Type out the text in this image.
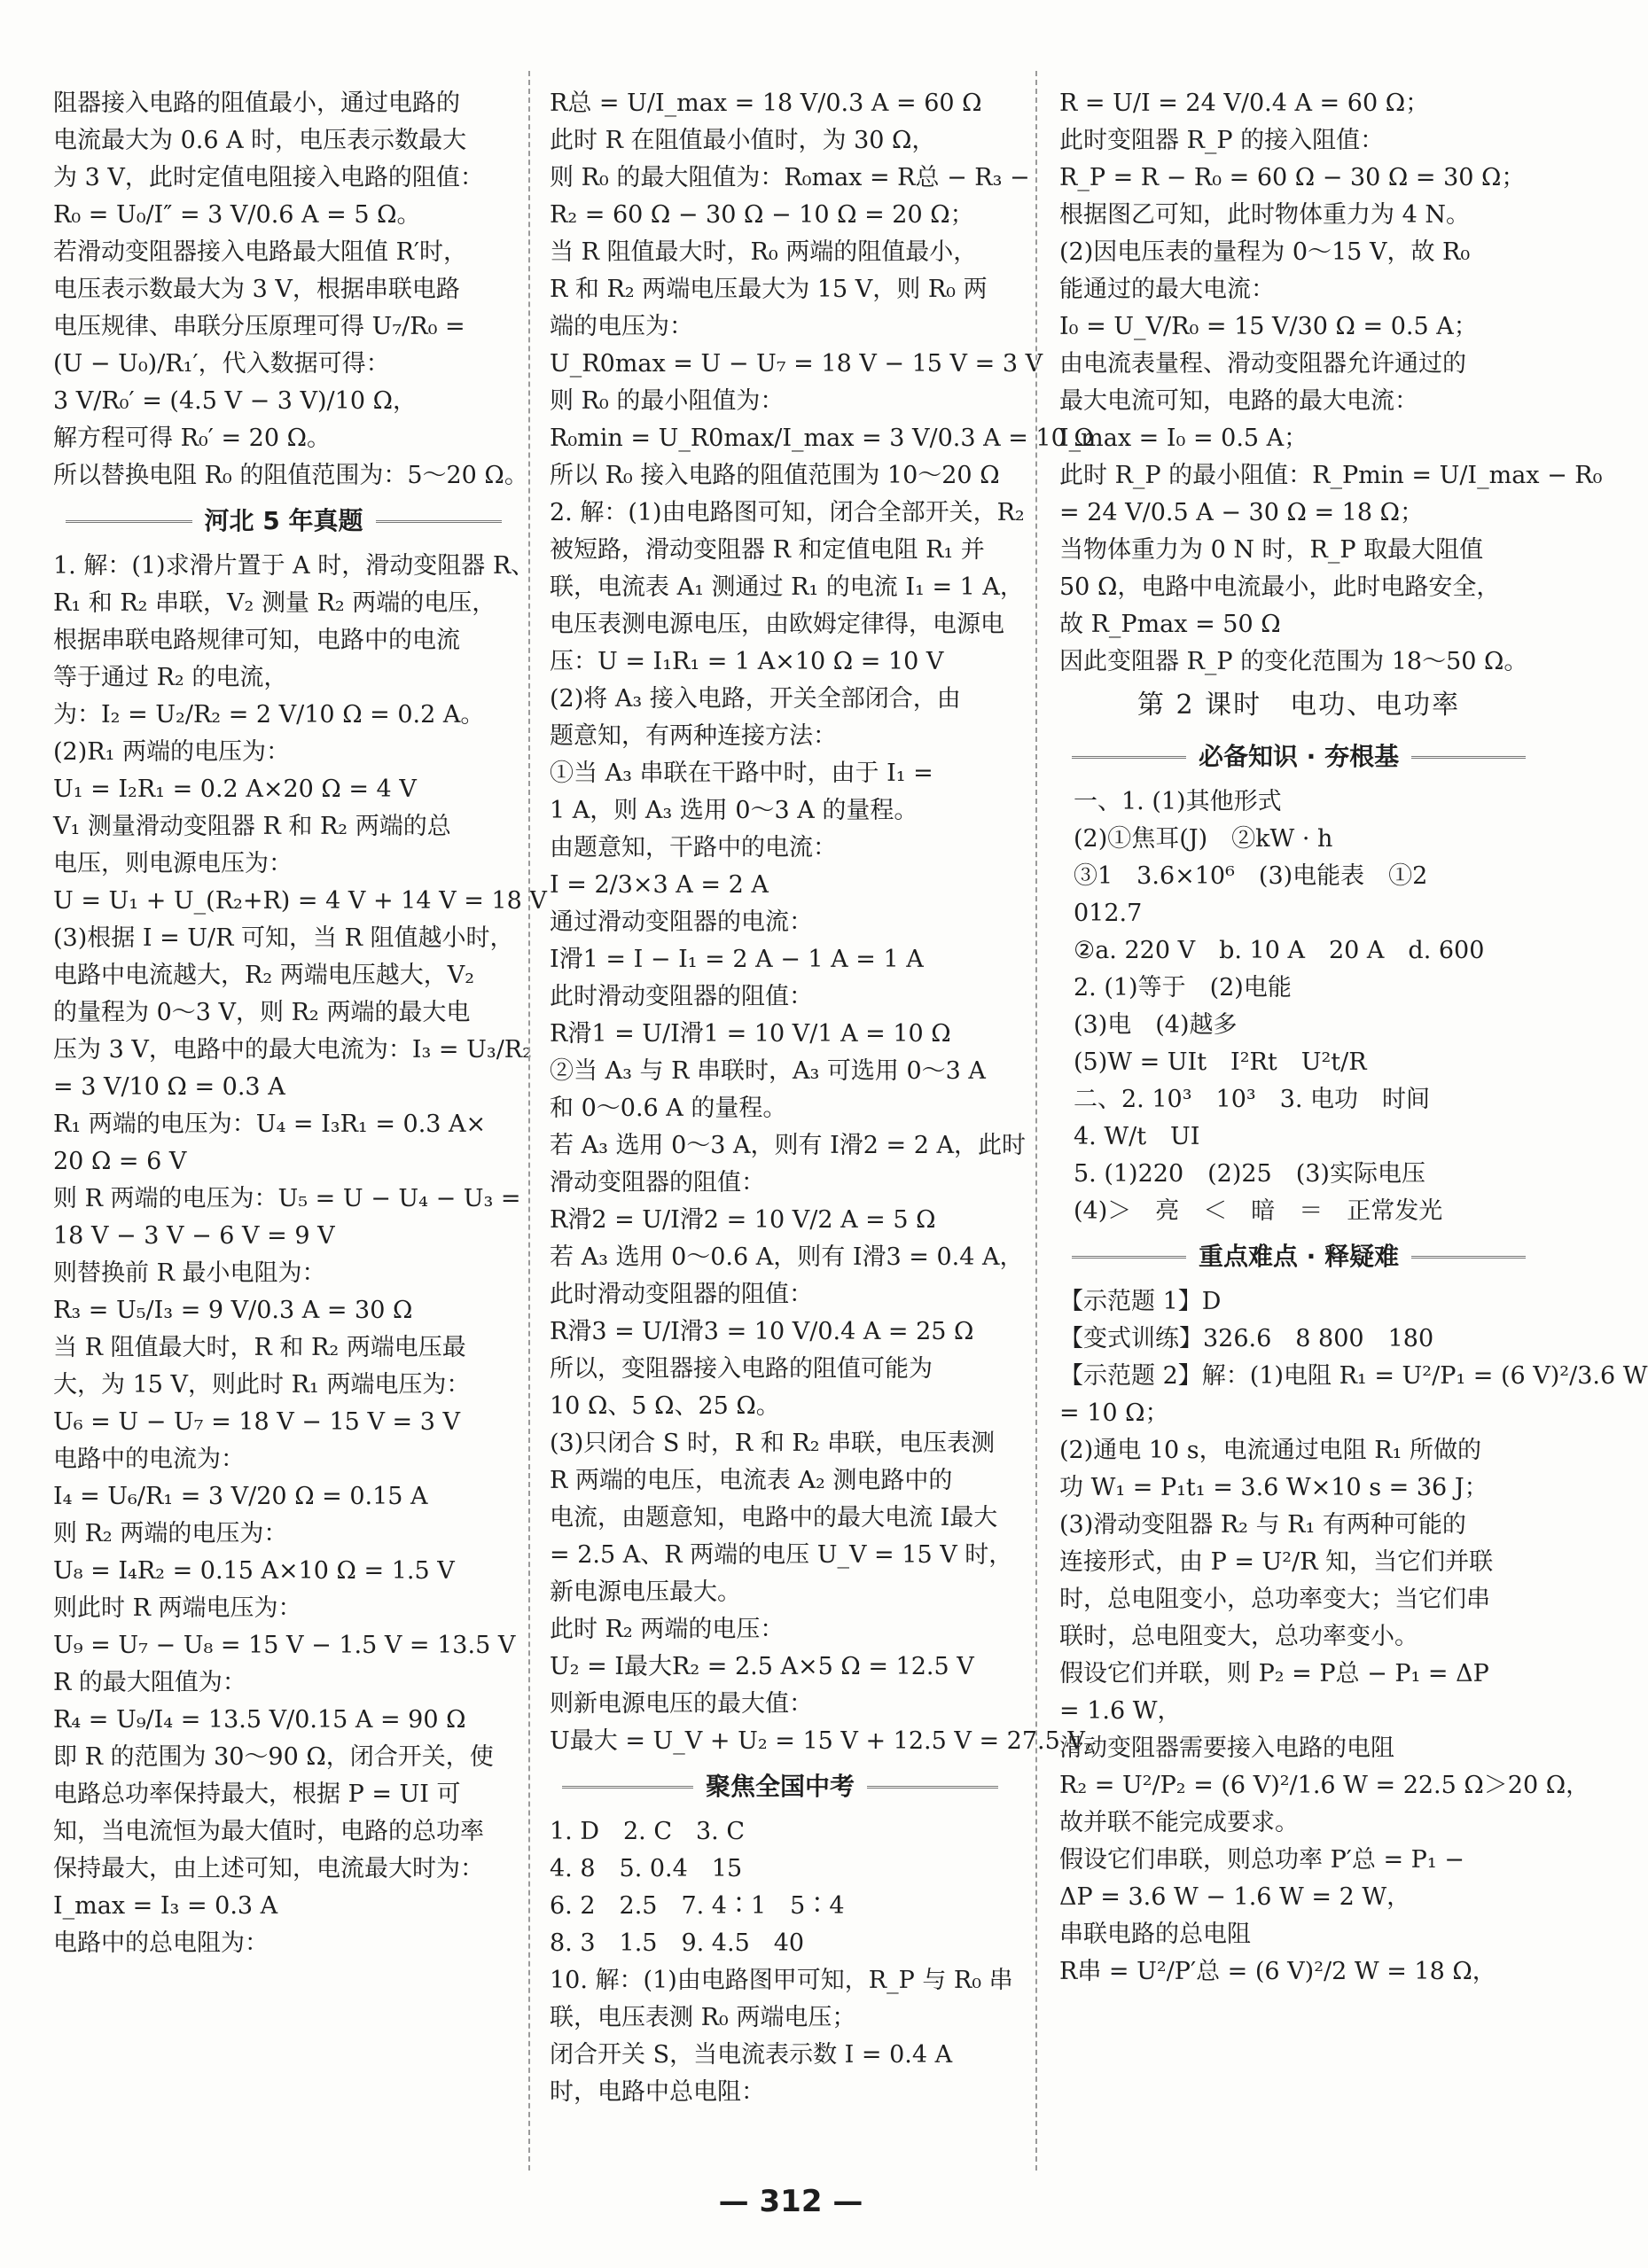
阻器接入电路的阻值最小，通过电路的
电流最大为 0.6 A 时，电压表示数最大
为 3 V，此时定值电阻接入电路的阻值：
R₀ = U₀/I″ = 3 V/0.6 A = 5 Ω。
若滑动变阻器接入电路最大阻值 R′时，
电压表示数最大为 3 V，根据串联电路
电压规律、串联分压原理可得 U₇/R₀ =
(U − U₀)/R₁′，代入数据可得：
3 V/R₀′ = (4.5 V − 3 V)/10 Ω，
解方程可得 R₀′ = 20 Ω。
所以替换电阻 R₀ 的阻值范围为：5～20 Ω。
河北 5 年真题
1. 解：(1)求滑片置于 A 时，滑动变阻器 R、
R₁ 和 R₂ 串联，V₂ 测量 R₂ 两端的电压，
根据串联电路规律可知，电路中的电流
等于通过 R₂ 的电流，
为：I₂ = U₂/R₂ = 2 V/10 Ω = 0.2 A。
(2)R₁ 两端的电压为：
U₁ = I₂R₁ = 0.2 A×20 Ω = 4 V
V₁ 测量滑动变阻器 R 和 R₂ 两端的总
电压，则电源电压为：
U = U₁ + U_(R₂+R) = 4 V + 14 V = 18 V
(3)根据 I = U/R 可知，当 R 阻值越小时，
电路中电流越大，R₂ 两端电压越大，V₂
的量程为 0～3 V，则 R₂ 两端的最大电
压为 3 V，电路中的最大电流为：I₃ = U₃/R₂
= 3 V/10 Ω = 0.3 A
R₁ 两端的电压为：U₄ = I₃R₁ = 0.3 A×
20 Ω = 6 V
则 R 两端的电压为：U₅ = U − U₄ − U₃ =
18 V − 3 V − 6 V = 9 V
则替换前 R 最小电阻为：
R₃ = U₅/I₃ = 9 V/0.3 A = 30 Ω
当 R 阻值最大时，R 和 R₂ 两端电压最
大，为 15 V，则此时 R₁ 两端电压为：
U₆ = U − U₇ = 18 V − 15 V = 3 V
电路中的电流为：
I₄ = U₆/R₁ = 3 V/20 Ω = 0.15 A
则 R₂ 两端的电压为：
U₈ = I₄R₂ = 0.15 A×10 Ω = 1.5 V
则此时 R 两端电压为：
U₉ = U₇ − U₈ = 15 V − 1.5 V = 13.5 V
R 的最大阻值为：
R₄ = U₉/I₄ = 13.5 V/0.15 A = 90 Ω
即 R 的范围为 30～90 Ω，闭合开关，使
电路总功率保持最大，根据 P = UI 可
知，当电流恒为最大值时，电路的总功率
保持最大，由上述可知，电流最大时为：
I_max = I₃ = 0.3 A
电路中的总电阻为：
R总 = U/I_max = 18 V/0.3 A = 60 Ω
此时 R 在阻值最小值时，为 30 Ω，
则 R₀ 的最大阻值为：R₀max = R总 − R₃ −
R₂ = 60 Ω − 30 Ω − 10 Ω = 20 Ω；
当 R 阻值最大时，R₀ 两端的阻值最小，
R 和 R₂ 两端电压最大为 15 V，则 R₀ 两
端的电压为：
U_R0max = U − U₇ = 18 V − 15 V = 3 V
则 R₀ 的最小阻值为：
R₀min = U_R0max/I_max = 3 V/0.3 A = 10 Ω
所以 R₀ 接入电路的阻值范围为 10～20 Ω
2. 解：(1)由电路图可知，闭合全部开关，R₂
被短路，滑动变阻器 R 和定值电阻 R₁ 并
联，电流表 A₁ 测通过 R₁ 的电流 I₁ = 1 A，
电压表测电源电压，由欧姆定律得，电源电
压：U = I₁R₁ = 1 A×10 Ω = 10 V
(2)将 A₃ 接入电路，开关全部闭合，由
题意知，有两种连接方法：
①当 A₃ 串联在干路中时，由于 I₁ =
1 A，则 A₃ 选用 0～3 A 的量程。
由题意知，干路中的电流：
I = 2/3×3 A = 2 A
通过滑动变阻器的电流：
I滑1 = I − I₁ = 2 A − 1 A = 1 A
此时滑动变阻器的阻值：
R滑1 = U/I滑1 = 10 V/1 A = 10 Ω
②当 A₃ 与 R 串联时，A₃ 可选用 0～3 A
和 0～0.6 A 的量程。
若 A₃ 选用 0～3 A，则有 I滑2 = 2 A，此时
滑动变阻器的阻值：
R滑2 = U/I滑2 = 10 V/2 A = 5 Ω
若 A₃ 选用 0～0.6 A，则有 I滑3 = 0.4 A，
此时滑动变阻器的阻值：
R滑3 = U/I滑3 = 10 V/0.4 A = 25 Ω
所以，变阻器接入电路的阻值可能为
10 Ω、5 Ω、25 Ω。
(3)只闭合 S 时，R 和 R₂ 串联，电压表测
R 两端的电压，电流表 A₂ 测电路中的
电流，由题意知，电路中的最大电流 I最大
= 2.5 A、R 两端的电压 U_V = 15 V 时，
新电源电压最大。
此时 R₂ 两端的电压：
U₂ = I最大R₂ = 2.5 A×5 Ω = 12.5 V
则新电源电压的最大值：
U最大 = U_V + U₂ = 15 V + 12.5 V = 27.5 V。
聚焦全国中考
1. D　2. C　3. C
4. 8　5. 0.4　15
6. 2　2.5　7. 4∶1　5∶4
8. 3　1.5　9. 4.5　40
10. 解：(1)由电路图甲可知，R_P 与 R₀ 串
联，电压表测 R₀ 两端电压；
闭合开关 S，当电流表示数 I = 0.4 A
时，电路中总电阻：
R = U/I = 24 V/0.4 A = 60 Ω；
此时变阻器 R_P 的接入阻值：
R_P = R − R₀ = 60 Ω − 30 Ω = 30 Ω；
根据图乙可知，此时物体重力为 4 N。
(2)因电压表的量程为 0～15 V，故 R₀
能通过的最大电流：
I₀ = U_V/R₀ = 15 V/30 Ω = 0.5 A；
由电流表量程、滑动变阻器允许通过的
最大电流可知，电路的最大电流：
I_max = I₀ = 0.5 A；
此时 R_P 的最小阻值：R_Pmin = U/I_max − R₀
= 24 V/0.5 A − 30 Ω = 18 Ω；
当物体重力为 0 N 时，R_P 取最大阻值
50 Ω，电路中电流最小，此时电路安全，
故 R_Pmax = 50 Ω
因此变阻器 R_P 的变化范围为 18～50 Ω。
第 2 课时　电功、电功率
必备知识 · 夯根基
一、1. (1)其他形式
(2)①焦耳(J)　②kW · h
③1　3.6×10⁶　(3)电能表　①2
012.7
②a. 220 V　b. 10 A　20 A　d. 600
2. (1)等于　(2)电能
(3)电　(4)越多
(5)W = UIt　I²Rt　U²t/R
二、2. 10³　10³　3. 电功　时间
4. W/t　UI
5. (1)220　(2)25　(3)实际电压
(4)＞　亮　＜　暗　＝　正常发光
重点难点 · 释疑难
【示范题 1】D
【变式训练】326.6　8 800　180
【示范题 2】解：(1)电阻 R₁ = U²/P₁ = (6 V)²/3.6 W
= 10 Ω；
(2)通电 10 s，电流通过电阻 R₁ 所做的
功 W₁ = P₁t₁ = 3.6 W×10 s = 36 J；
(3)滑动变阻器 R₂ 与 R₁ 有两种可能的
连接形式，由 P = U²/R 知，当它们并联
时，总电阻变小，总功率变大；当它们串
联时，总电阻变大，总功率变小。
假设它们并联，则 P₂ = P总 − P₁ = ΔP
= 1.6 W，
滑动变阻器需要接入电路的电阻
R₂ = U²/P₂ = (6 V)²/1.6 W = 22.5 Ω＞20 Ω，
故并联不能完成要求。
假设它们串联，则总功率 P′总 = P₁ −
ΔP = 3.6 W − 1.6 W = 2 W，
串联电路的总电阻
R串 = U²/P′总 = (6 V)²/2 W = 18 Ω，
— 312 —
